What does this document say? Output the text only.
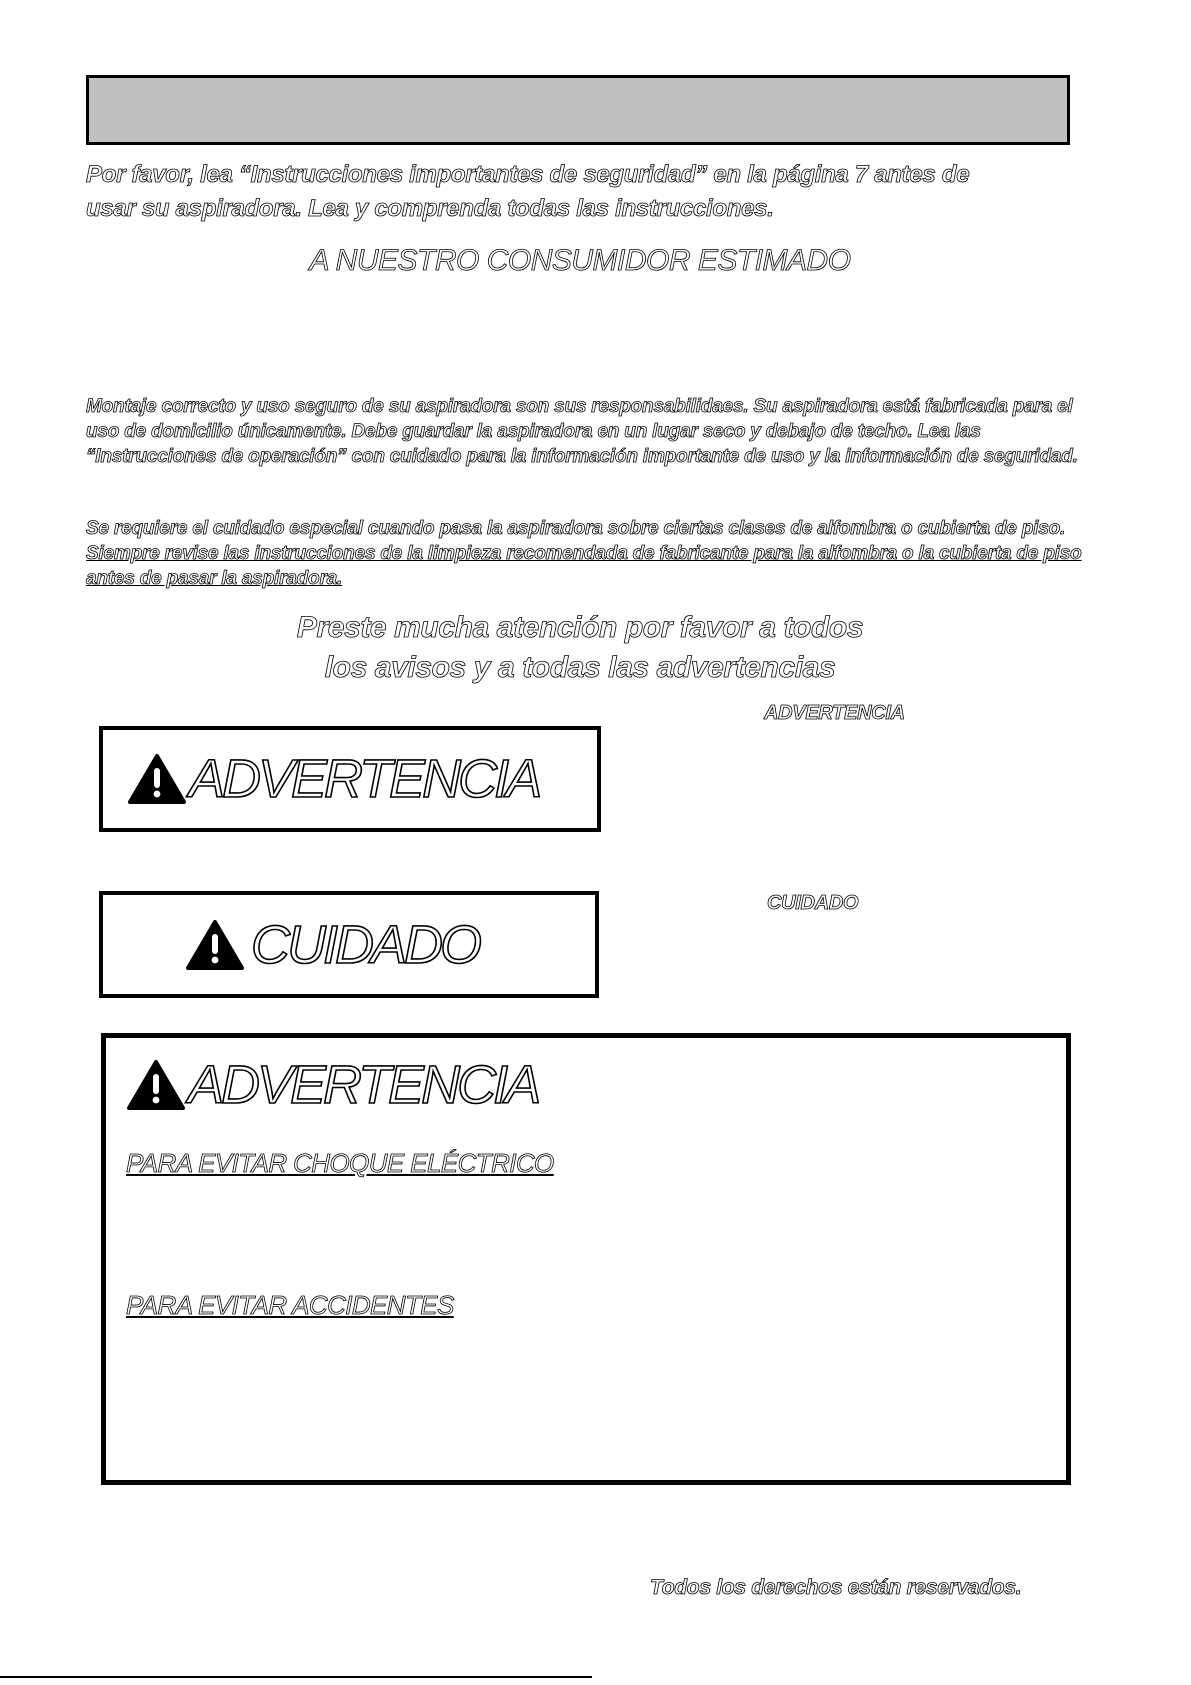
Por favor, lea “Instrucciones importantes de seguridad” en la página 7 antes de
usar su aspiradora. Lea y comprenda todas las instrucciones.
A NUESTRO CONSUMIDOR ESTIMADO
Montaje correcto y uso seguro de su aspiradora son sus responsabilidaes. Su aspiradora está fabricada para el uso de domicilio únicamente. Debe guardar la aspiradora en un lugar seco y debajo de techo. Lea las “Instrucciones de operación” con cuidado para la información importante de uso y la información de seguridad.
Se requiere el cuidado especial cuando pasa la aspiradora sobre ciertas clases de alfombra o cubierta de piso. Siempre revise las instrucciones de la limpieza recomendada de fabricante para la alfombra o la cubierta de piso antes de pasar la aspiradora.
Preste mucha atención por favor a todos
los avisos y a todas las advertencias
ADVERTENCIA
ADVERTENCIA
CUIDADO
CUIDADO
ADVERTENCIA
PARA EVITAR CHOQUE ELÉCTRICO
PARA EVITAR ACCIDENTES
Todos los derechos están reservados.
